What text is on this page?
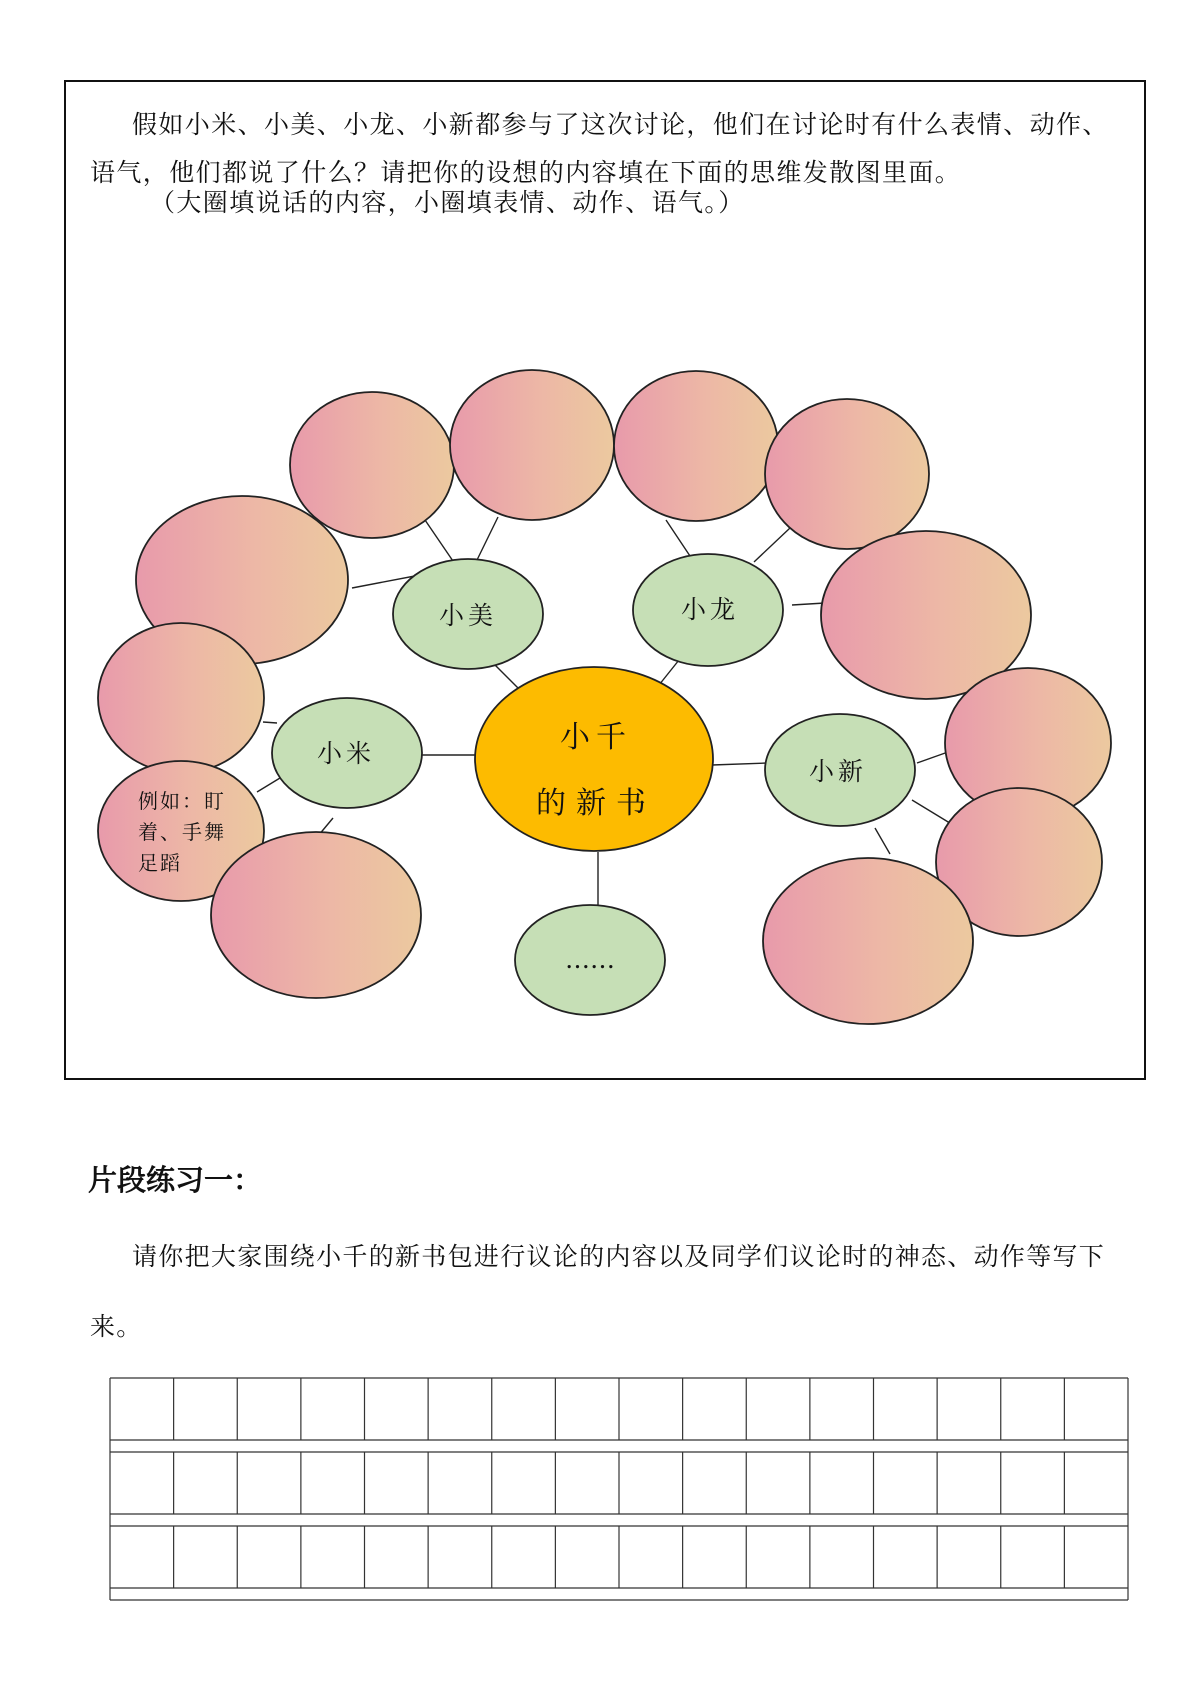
假如小米、小美、小龙、小新都参与了这次讨论，他们在讨论时有什么表情、动作、语气，他们都说了什么？请把你的设想的内容填在下面的思维发散图里面。

（大圈填说话的内容，小圈填表情、动作、语气。）

小千
的新书
小美	小龙
小米
小新
……
例如：盯
着、手舞
足蹈
片段练习一：

请你把大家围绕小千的新书包进行议论的内容以及同学们议论时的神态、动作等写下来。
